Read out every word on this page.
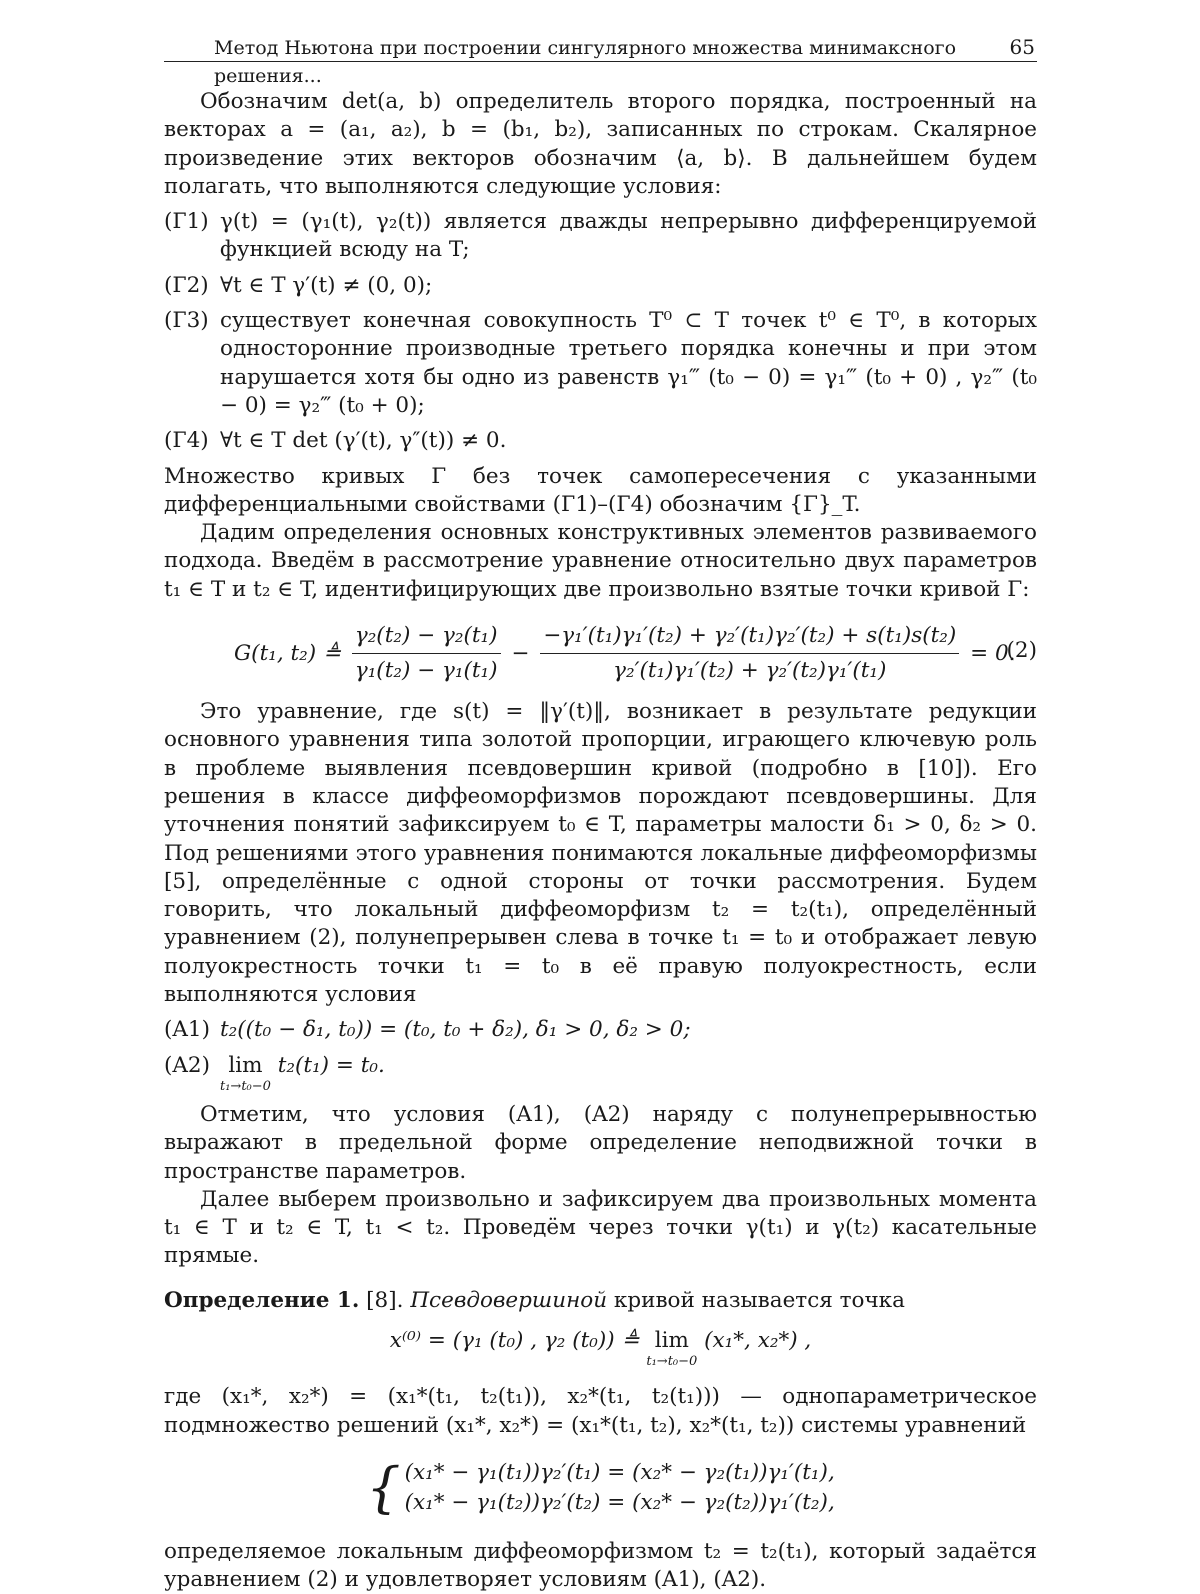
Метод Ньютона при построении сингулярного множества минимаксного решения...
65

Обозначим det(a, b) определитель второго порядка, построенный на векторах a = (a₁, a₂), b = (b₁, b₂), записанных по строкам. Скалярное произведение этих векторов обозначим ⟨a, b⟩. В дальнейшем будем полагать, что выполняются следующие условия:

(Г1) γ(t) = (γ₁(t), γ₂(t)) является дважды непрерывно дифференцируемой функцией всюду на T;
(Г2) ∀t ∈ T γ′(t) ≠ (0, 0);
(Г3) существует конечная совокупность T⁰ ⊂ T точек t⁰ ∈ T⁰, в которых односторонние производные третьего порядка конечны и при этом нарушается хотя бы одно из равенств γ₁‴ (t₀ − 0) = γ₁‴ (t₀ + 0) , γ₂‴ (t₀ − 0) = γ₂‴ (t₀ + 0);
(Г4) ∀t ∈ T det (γ′(t), γ″(t)) ≠ 0.

Множество кривых Γ без точек самопересечения с указанными дифференциальными свойствами (Г1)–(Г4) обозначим {Γ}_T.

Дадим определения основных конструктивных элементов развиваемого подхода. Введём в рассмотрение уравнение относительно двух параметров t₁ ∈ T и t₂ ∈ T, идентифицирующих две произвольно взятые точки кривой Γ:

G(t₁, t₂) ≜ $\frac{\text{γ₂(t₂) − γ₂(t₁)}}{\text{γ₁(t₂) − γ₁(t₁)}} - \frac{\text{−γ₁′(t₁)γ₁′(t₂) + γ₂′(t₁)γ₂′(t₂) + s(t₁)s(t₂)}}{\text{γ₂′(t₁)γ₁′(t₂) + γ₂′(t₂)γ₁′(t₁)}} = 0$.
(2)

Это уравнение, где s(t) = ‖γ′(t)‖, возникает в результате редукции основного уравнения типа золотой пропорции, играющего ключевую роль в проблеме выявления псевдовершин кривой (подробно в [10]). Его решения в классе диффеоморфизмов порождают псевдовершины. Для уточнения понятий зафиксируем t₀ ∈ T, параметры малости δ₁ > 0, δ₂ > 0. Под решениями этого уравнения понимаются локальные диффеоморфизмы [5], определённые с одной стороны от точки рассмотрения. Будем говорить, что локальный диффеоморфизм t₂ = t₂(t₁), определённый уравнением (2), полунепрерывен слева в точке t₁ = t₀ и отображает левую полуокрестность точки t₁ = t₀ в её правую полуокрестность, если выполняются условия

(A1) t₂((t₀ − δ₁, t₀)) = (t₀, t₀ + δ₂), δ₁ > 0, δ₂ > 0;
(A2) lim
t₁→t₀−0
t₂(t₁) = t₀.

Отметим, что условия (A1), (A2) наряду с полунепрерывностью выражают в предельной форме определение неподвижной точки в пространстве параметров.

Далее выберем произвольно и зафиксируем два произвольных момента t₁ ∈ T и t₂ ∈ T, t₁ < t₂. Проведём через точки γ(t₁) и γ(t₂) касательные прямые.

Определение 1. [8]. Псевдовершиной кривой называется точка

x⁽⁰⁾ = (γ₁ (t₀) , γ₂ (t₀)) ≜ lim
t₁→t₀−0
(x₁*, x₂*) ,

где (x₁*, x₂*) = (x₁*(t₁, t₂(t₁)), x₂*(t₁, t₂(t₁))) — однопараметрическое подмножество решений (x₁*, x₂*) = (x₁*(t₁, t₂), x₂*(t₁, t₂)) системы уравнений

{ (x₁* − γ₁(t₁))γ₂′(t₁) = (x₂* − γ₂(t₁))γ₁′(t₁),
(x₁* − γ₁(t₂))γ₂′(t₂) = (x₂* − γ₂(t₂))γ₁′(t₂),

определяемое локальным диффеоморфизмом t₂ = t₂(t₁), который задаётся уравнением (2) и удовлетворяет условиям (A1), (A2).
